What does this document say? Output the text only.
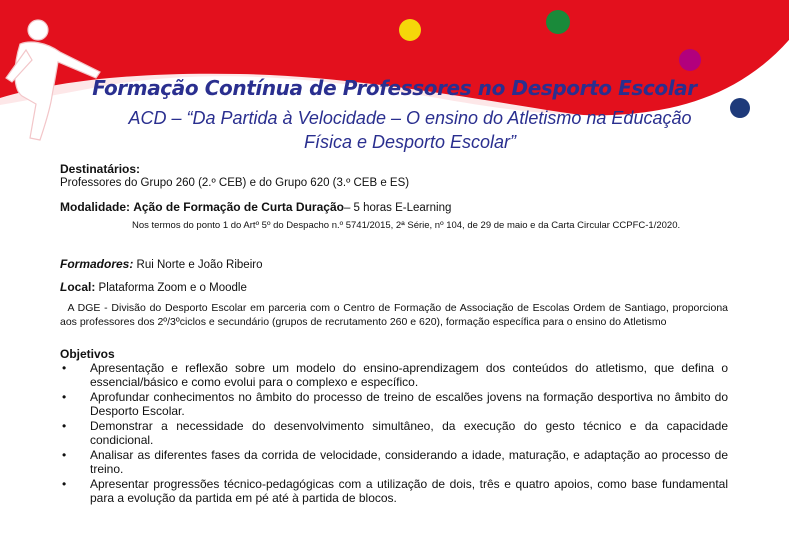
Formação Contínua de Professores no Desporto Escolar
ACD – “Da Partida à Velocidade – O ensino do Atletismo na Educação
Física e Desporto Escolar”
Destinatários:
Professores do Grupo 260 (2.º CEB) e do Grupo 620 (3.º CEB e ES)
Modalidade: Ação de Formação de Curta Duração– 5 horas E-Learning
Nos termos do ponto 1 do Artº 5º do Despacho n.º 5741/2015, 2ª Série, nº 104, de 29 de maio e da Carta Circular CCPFC-1/2020.
Formadores: Rui Norte e João Ribeiro
Local: Plataforma Zoom e o Moodle
A DGE - Divisão do Desporto Escolar em parceria com o Centro de Formação de Associação de Escolas Ordem de Santiago, proporciona  aos professores dos 2º/3ºciclos e secundário (grupos de recrutamento 260 e 620), formação específica para o ensino do Atletismo
Objetivos
• Apresentação e reflexão sobre um modelo do ensino-aprendizagem dos conteúdos do atletismo, que defina o essencial/básico e como evolui para o complexo e específico.
• Aprofundar conhecimentos no âmbito do processo de treino de escalões jovens na formação desportiva no âmbito do Desporto Escolar.
• Demonstrar a necessidade do desenvolvimento simultâneo, da execução do gesto técnico e da capacidade condicional.
• Analisar as diferentes fases da corrida de velocidade, considerando a idade, maturação, e adaptação ao processo de treino.
• Apresentar progressões técnico-pedagógicas com a utilização de dois, três e quatro apoios, como base fundamental para a evolução da partida em pé até à partida de blocos.
